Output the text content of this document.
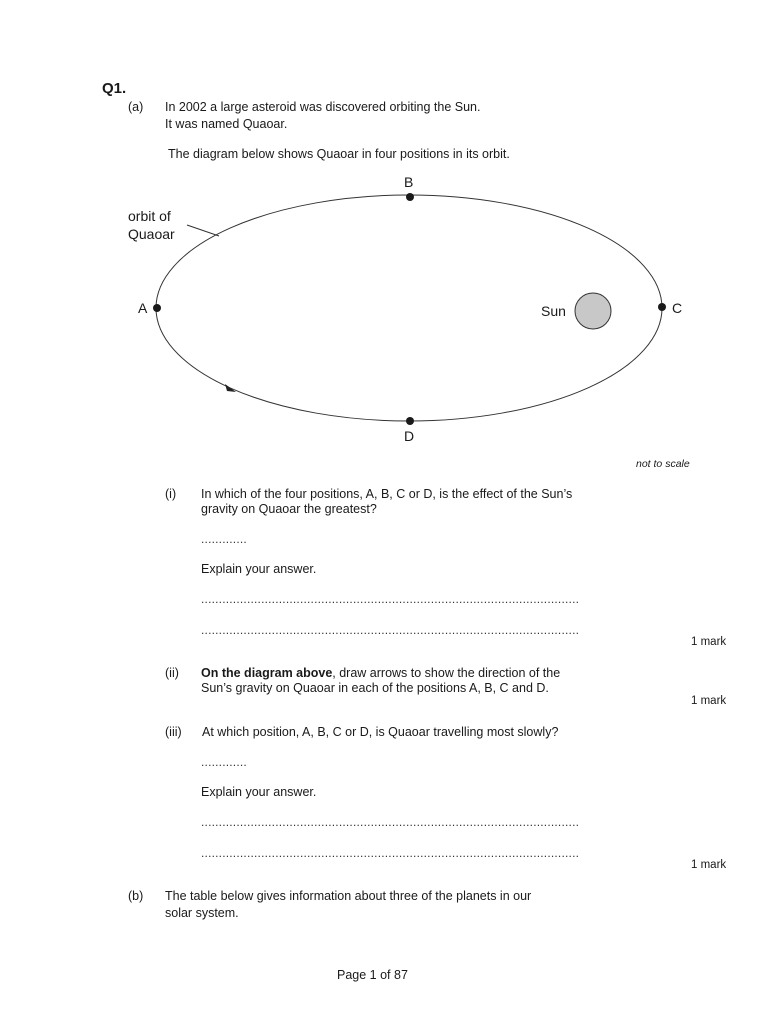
Q1.
(a) In 2002 a large asteroid was discovered orbiting the Sun.
It was named Quaoar.
The diagram below shows Quaoar in four positions in its orbit.
B
A	C
D
Sun
orbit of
Quaoar
not to scale
(i) In which of the four positions, A, B, C or D, is the effect of the Sun’s
gravity on Quaoar the greatest?
.............
Explain your answer.
...........................................................................................................
...........................................................................................................
1 mark
(ii) On the diagram above, draw arrows to show the direction of the
Sun’s gravity on Quaoar in each of the positions A, B, C and D.
1 mark
(iii) At which position, A, B, C or D, is Quaoar travelling most slowly?
.............
Explain your answer.
...........................................................................................................
...........................................................................................................
1 mark
(b) The table below gives information about three of the planets in our
solar system.
Page 1 of 87
